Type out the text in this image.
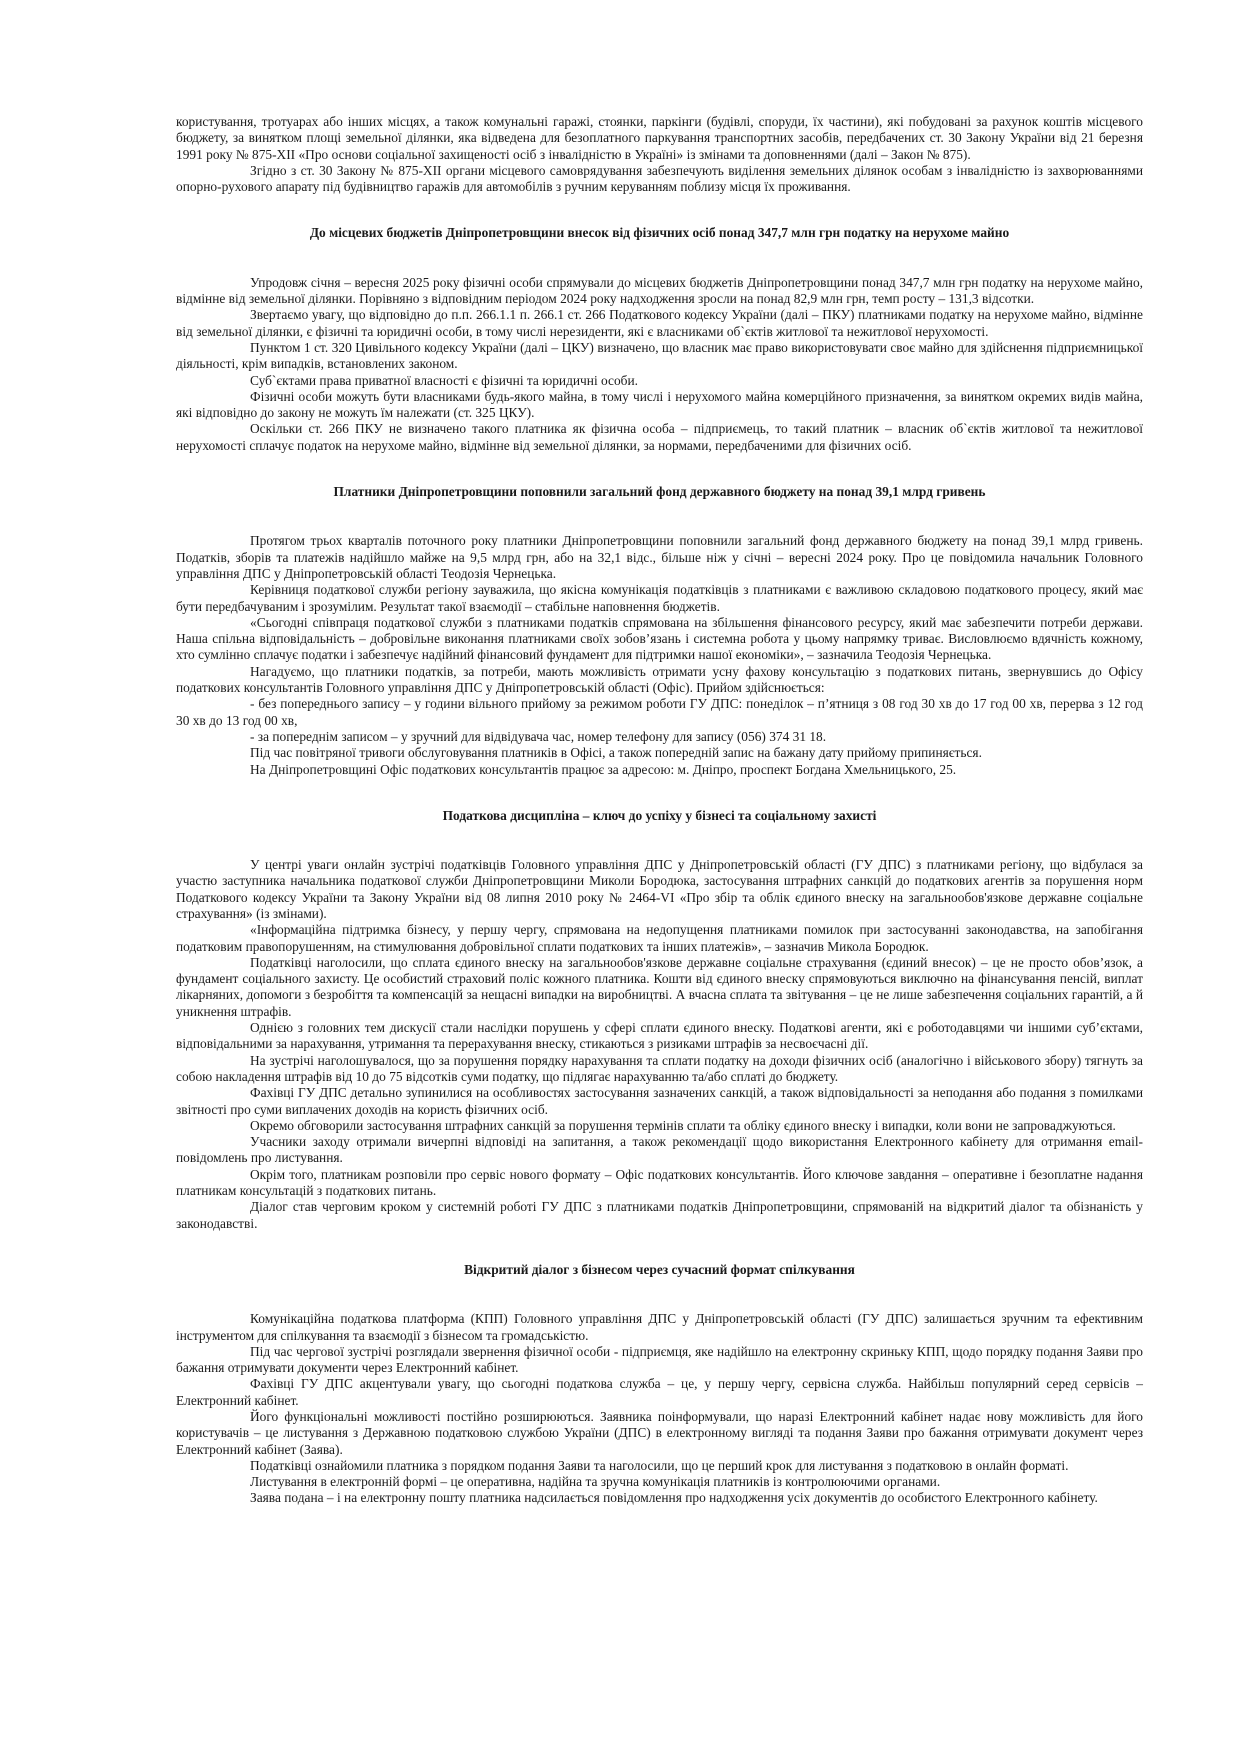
користування, тротуарах або інших місцях, а також комунальні гаражі, стоянки, паркінги (будівлі, споруди, їх частини), які побудовані за рахунок коштів місцевого бюджету, за винятком площі земельної ділянки, яка відведена для безоплатного паркування транспортних засобів, передбачених ст. 30 Закону України від 21 березня 1991 року № 875-XII «Про основи соціальної захищеності осіб з інвалідністю в Україні» із змінами та доповненнями (далі – Закон № 875).

Згідно з ст. 30 Закону № 875-XII органи місцевого самоврядування забезпечують виділення земельних ділянок особам з інвалідністю із захворюваннями опорно-рухового апарату під будівництво гаражів для автомобілів з ручним керуванням поблизу місця їх проживання.

До місцевих бюджетів Дніпропетровщини внесок від фізичних осіб понад 347,7 млн грн податку на нерухоме майно

Упродовж січня – вересня 2025 року фізичні особи спрямували до місцевих бюджетів Дніпропетровщини понад 347,7 млн грн податку на нерухоме майно, відмінне від земельної ділянки. Порівняно з відповідним періодом 2024 року надходження зросли на понад 82,9 млн грн, темп росту – 131,3 відсотки.

Звертаємо увагу, що відповідно до п.п. 266.1.1 п. 266.1 ст. 266 Податкового кодексу України (далі – ПКУ) платниками податку на нерухоме майно, відмінне від земельної ділянки, є фізичні та юридичні особи, в тому числі нерезиденти, які є власниками об`єктів житлової та нежитлової нерухомості.

Пунктом 1 ст. 320 Цивільного кодексу України (далі – ЦКУ) визначено, що власник має право використовувати своє майно для здійснення підприємницької діяльності, крім випадків, встановлених законом.

Суб`єктами права приватної власності є фізичні та юридичні особи.

Фізичні особи можуть бути власниками будь-якого майна, в тому числі і нерухомого майна комерційного призначення, за винятком окремих видів майна, які відповідно до закону не можуть їм належати (ст. 325 ЦКУ).

Оскільки ст. 266 ПКУ не визначено такого платника як фізична особа – підприємець, то такий платник – власник об`єктів житлової та нежитлової нерухомості сплачує податок на нерухоме майно, відмінне від земельної ділянки, за нормами, передбаченими для фізичних осіб.

Платники Дніпропетровщини поповнили загальний фонд державного бюджету на понад 39,1 млрд гривень

Протягом трьох кварталів поточного року платники Дніпропетровщини поповнили загальний фонд державного бюджету на понад 39,1 млрд гривень. Податків, зборів та платежів надійшло майже на 9,5 млрд грн, або на 32,1 відс., більше ніж у січні – вересні 2024 року. Про це повідомила начальник Головного управління ДПС у Дніпропетровській області Теодозія Чернецька.

Керівниця податкової служби регіону зауважила, що якісна комунікація податківців з платниками є важливою складовою податкового процесу, який має бути передбачуваним і зрозумілим. Результат такої взаємодії – стабільне наповнення бюджетів.

«Сьогодні співпраця податкової служби з платниками податків спрямована на збільшення фінансового ресурсу, який має забезпечити потреби держави. Наша спільна відповідальність – добровільне виконання платниками своїх зобов’язань і системна робота у цьому напрямку триває. Висловлюємо вдячність кожному, хто сумлінно сплачує податки і забезпечує надійний фінансовий фундамент для підтримки нашої економіки», – зазначила Теодозія Чернецька.

Нагадуємо, що платники податків, за потреби, мають можливість отримати усну фахову консультацію з податкових питань, звернувшись до Офісу податкових консультантів Головного управління ДПС у Дніпропетровській області (Офіс). Прийом здійснюється:

- без попереднього запису – у години вільного прийому за режимом роботи ГУ ДПС: понеділок – п’ятниця з 08 год 30 хв до 17 год 00 хв, перерва з 12 год 30 хв до 13 год 00 хв,

- за попереднім записом – у зручний для відвідувача час, номер телефону для запису (056) 374 31 18.

Під час повітряної тривоги обслуговування платників в Офісі, а також попередній запис на бажану дату прийому припиняється.

На Дніпропетровщині Офіс податкових консультантів працює за адресою: м. Дніпро, проспект Богдана Хмельницького, 25.

Податкова дисципліна – ключ до успіху у бізнесі та соціальному захисті

У центрі уваги онлайн зустрічі податківців Головного управління ДПС у Дніпропетровській області (ГУ ДПС) з платниками регіону, що відбулася за участю заступника начальника податкової служби Дніпропетровщини Миколи Бородюка, застосування штрафних санкцій до податкових агентів за порушення норм Податкового кодексу України та Закону України від 08 липня 2010 року № 2464-VI «Про збір та облік єдиного внеску на загальнообов'язкове державне соціальне страхування» (із змінами).

«Інформаційна підтримка бізнесу, у першу чергу, спрямована на недопущення платниками помилок при застосуванні законодавства, на запобігання податковим правопорушенням, на стимулювання добровільної сплати податкових та інших платежів», – зазначив Микола Бородюк.

Податківці наголосили, що сплата єдиного внеску на загальнообов'язкове державне соціальне страхування (єдиний внесок) – це не просто обов’язок, а фундамент соціального захисту. Це особистий страховий поліс кожного платника. Кошти від єдиного внеску спрямовуються виключно на фінансування пенсій, виплат лікарняних, допомоги з безробіття та компенсацій за нещасні випадки на виробництві. А вчасна сплата та звітування – це не лише забезпечення соціальних гарантій, а й уникнення штрафів.

Однією з головних тем дискусії стали наслідки порушень у сфері сплати єдиного внеску. Податкові агенти, які є роботодавцями чи іншими суб’єктами, відповідальними за нарахування, утримання та перерахування внеску, стикаються з ризиками штрафів за несвоєчасні дії.

На зустрічі наголошувалося, що за порушення порядку нарахування та сплати податку на доходи фізичних осіб (аналогічно і військового збору) тягнуть за собою накладення штрафів від 10 до 75 відсотків суми податку, що підлягає нарахуванню та/або сплаті до бюджету.

Фахівці ГУ ДПС детально зупинилися на особливостях застосування зазначених санкцій, а також відповідальності за неподання або подання з помилками звітності про суми виплачених доходів на користь фізичних осіб.

Окремо обговорили застосування штрафних санкцій за порушення термінів сплати та обліку єдиного внеску і випадки, коли вони не запроваджуються.

Учасники заходу отримали вичерпні відповіді на запитання, а також рекомендації щодо використання Електронного кабінету для отримання email-повідомлень про листування.

Окрім того, платникам розповіли про сервіс нового формату – Офіс податкових консультантів. Його ключове завдання – оперативне і безоплатне надання платникам консультацій з податкових питань.

Діалог став черговим кроком у системній роботі ГУ ДПС з платниками податків Дніпропетровщини, спрямованій на відкритий діалог та обізнаність у законодавстві.

Відкритий діалог з бізнесом через сучасний формат спілкування

Комунікаційна податкова платформа (КПП) Головного управління ДПС у Дніпропетровській області (ГУ ДПС) залишається зручним та ефективним інструментом для спілкування та взаємодії з бізнесом та громадськістю.

Під час чергової зустрічі розглядали звернення фізичної особи - підприємця, яке надійшло на електронну скриньку КПП, щодо порядку подання Заяви про бажання отримувати документи через Електронний кабінет.

Фахівці ГУ ДПС акцентували увагу, що сьогодні податкова служба – це, у першу чергу, сервісна служба. Найбільш популярний серед сервісів – Електронний кабінет.

Його функціональні можливості постійно розширюються. Заявника поінформували, що наразі Електронний кабінет надає нову можливість для його користувачів – це листування з Державною податковою службою України (ДПС) в електронному вигляді та подання Заяви про бажання отримувати документ через Електронний кабінет (Заява).

Податківці ознайомили платника з порядком подання Заяви та наголосили, що це перший крок для листування з податковою в онлайн форматі.

Листування в електронній формі – це оперативна, надійна та зручна комунікація платників із контролюючими органами.

Заява подана – і на електронну пошту платника надсилається повідомлення про надходження усіх документів до особистого Електронного кабінету.
